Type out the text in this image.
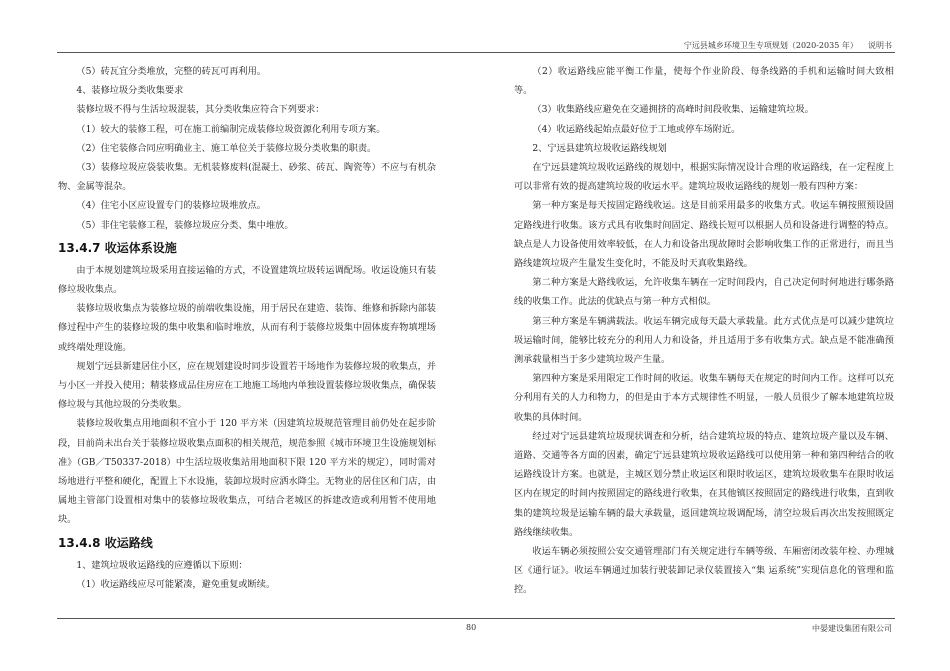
宁远县城乡环境卫生专项规划（2020-2035 年） 说明书

（5）砖瓦宜分类堆放，完整的砖瓦可再利用。

4、装修垃圾分类收集要求

装修垃圾不得与生活垃圾混装，其分类收集应符合下列要求：

（1）较大的装修工程，可在施工前编制完成装修垃圾资源化利用专项方案。

（2）住宅装修合同应明确业主、施工单位关于装修垃圾分类收集的职责。

（3）装修垃圾应袋装收集。无机装修废料(混凝土、砂浆、砖瓦、陶瓷等）不应与有机杂物、金属等混杂。

（4）住宅小区应设置专门的装修垃圾堆放点。

（5）非住宅装修工程，装修垃圾应分类、集中堆放。

13.4.7 收运体系设施

由于本规划建筑垃圾采用直接运输的方式，不设置建筑垃圾转运调配场。收运设施只有装修垃圾收集点。

装修垃圾收集点为装修垃圾的前端收集设施，用于居民在建造、装饰、维修和拆除内部装修过程中产生的装修垃圾的集中收集和临时堆放，从而有利于装修垃圾集中固体废弃物填埋场或终端处理设施。

规划宁远县新建居住小区，应在规划建设时同步设置若干场地作为装修垃圾的收集点，并与小区一并投入使用；精装修成品住房应在工地施工场地内单独设置装修垃圾收集点，确保装修垃圾与其他垃圾的分类收集。

装修垃圾收集点用地面积不宜小于 120 平方米（因建筑垃圾规范管理目前仍处在起步阶段，目前尚未出台关于装修垃圾收集点面积的相关规范，规范参照《城市环境卫生设施规划标准》（GB／T50337-2018）中生活垃圾收集站用地面积下限 120 平方米的规定），同时需对场地进行平整和硬化，配置上下水设施，装卸垃圾时应洒水降尘。无物业的居住区和门店，由属地主管部门设置相对集中的装修垃圾收集点，可结合老城区的拆建改造或利用暂不使用地块。

13.4.8 收运路线

1、建筑垃圾收运路线的应遵循以下原则：

（1）收运路线应尽可能紧凑，避免重复或断续。

（2）收运路线应能平衡工作量，使每个作业阶段、每条线路的手机和运输时间大致相等。

（3）收集路线应避免在交通拥挤的高峰时间段收集、运输建筑垃圾。

（4）收运路线起始点最好位于工地或停车场附近。

2、宁远县建筑垃圾收运路线规划

在宁远县建筑垃圾收运路线的规划中，根据实际情况设计合理的收运路线，在一定程度上可以非常有效的提高建筑垃圾的收运水平。建筑垃圾收运路线的规划一般有四种方案：

第一种方案是每天按固定路线收运。这是目前采用最多的收集方式。收运车辆按照预设固定路线进行收集。该方式具有收集时间固定、路线长短可以根据人员和设备进行调整的特点。缺点是人力设备使用效率较低，在人力和设备出现故障时会影响收集工作的正常进行，而且当路线建筑垃圾产生量发生变化时，不能及时天真收集路线。

第二种方案是大路线收运，允许收集车辆在一定时间段内，自己决定何时何地进行哪条路线的收集工作。此法的优缺点与第一种方式相似。

第三种方案是车辆满载法。收运车辆完成每天最大承载量。此方式优点是可以减少建筑垃圾运输时间，能够比较充分的利用人力和设备，并且适用于多有收集方式。缺点是不能准确预测承载量相当于多少建筑垃圾产生量。

第四种方案是采用限定工作时间的收运。收集车辆每天在规定的时间内工作。这样可以充分利用有关的人力和物力，的但是由于本方式规律性不明显，一般人员很少了解本地建筑垃圾收集的具体时间。

经过对宁远县建筑垃圾现状调查和分析，结合建筑垃圾的特点、建筑垃圾产量以及车辆、道路、交通等各方面的因素，确定宁远县建筑垃圾收运路线可以使用第一种和第四种结合的收运路线设计方案。也就是，主城区划分禁止收运区和限时收运区，建筑垃圾收集车在限时收运区内在规定的时间内按照固定的路线进行收集，在其他镇区按照固定的路线进行收集，直到收集的建筑垃圾是运输车辆的最大承载量，返回建筑垃圾调配场，清空垃圾后再次出发按照既定路线继续收集。

收运车辆必须按照公安交通管理部门有关规定进行车辆等级、车厢密闭改装年检、办理城区《通行证》。收运车辆通过加装行驶装卸记录仪装置接入“集 运系统”实现信息化的管理和监控。

80	中晏建设集团有限公司
